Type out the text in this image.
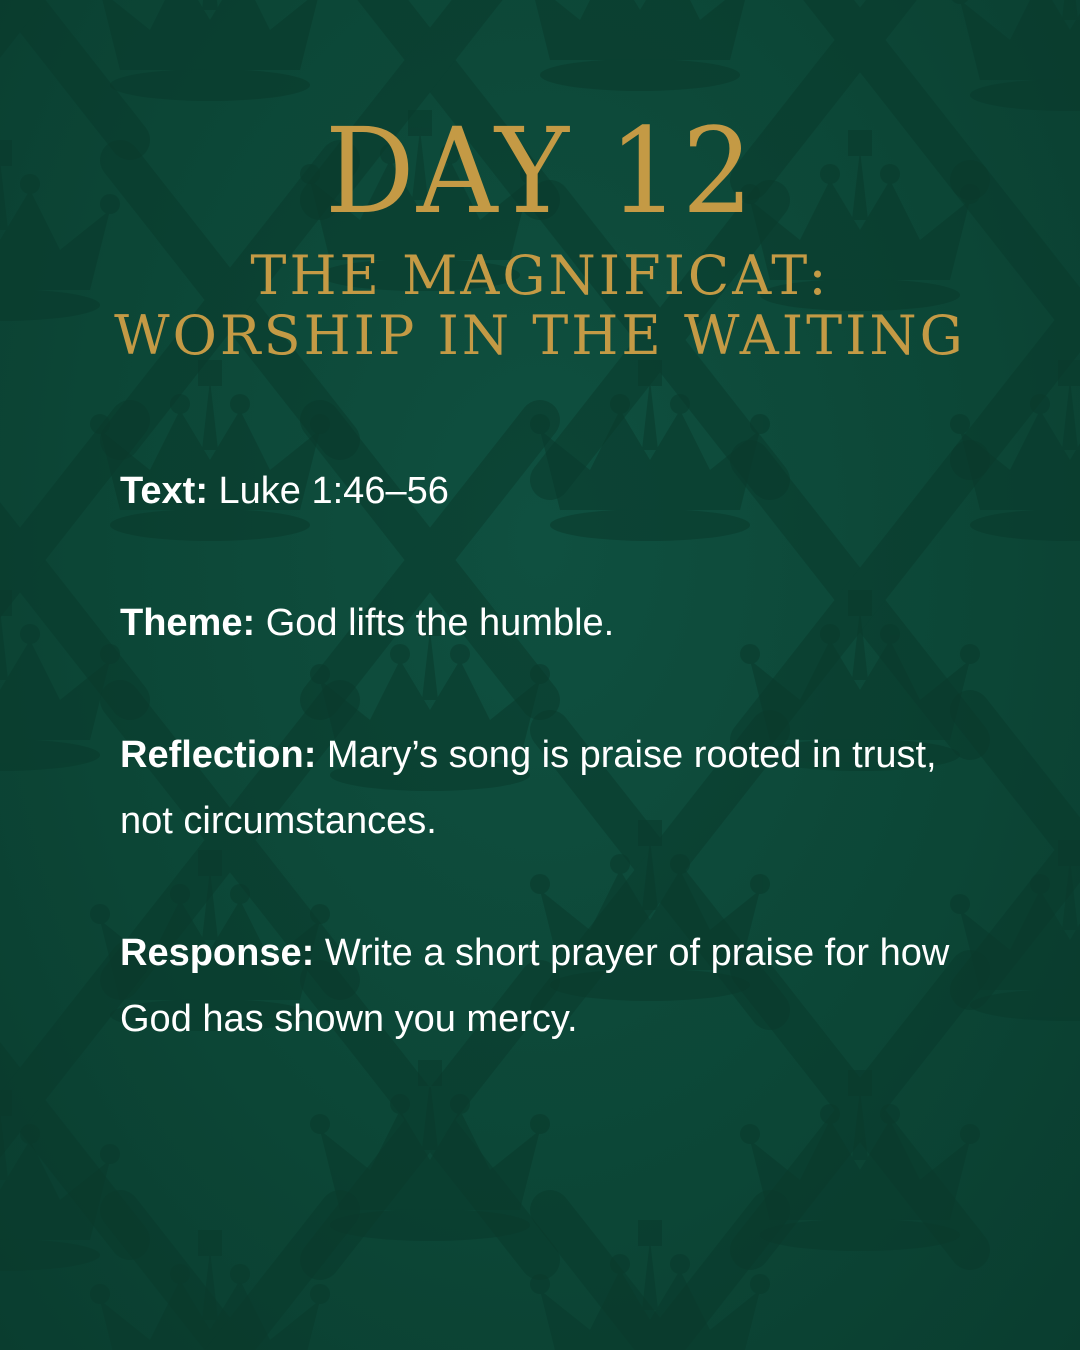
DAY 12
THE MAGNIFICAT:
WORSHIP IN THE WAITING
Text: Luke 1:46–56
Theme: God lifts the humble.
Reflection: Mary’s song is praise rooted in trust, not circumstances.
Response: Write a short prayer of praise for how God has shown you mercy.
